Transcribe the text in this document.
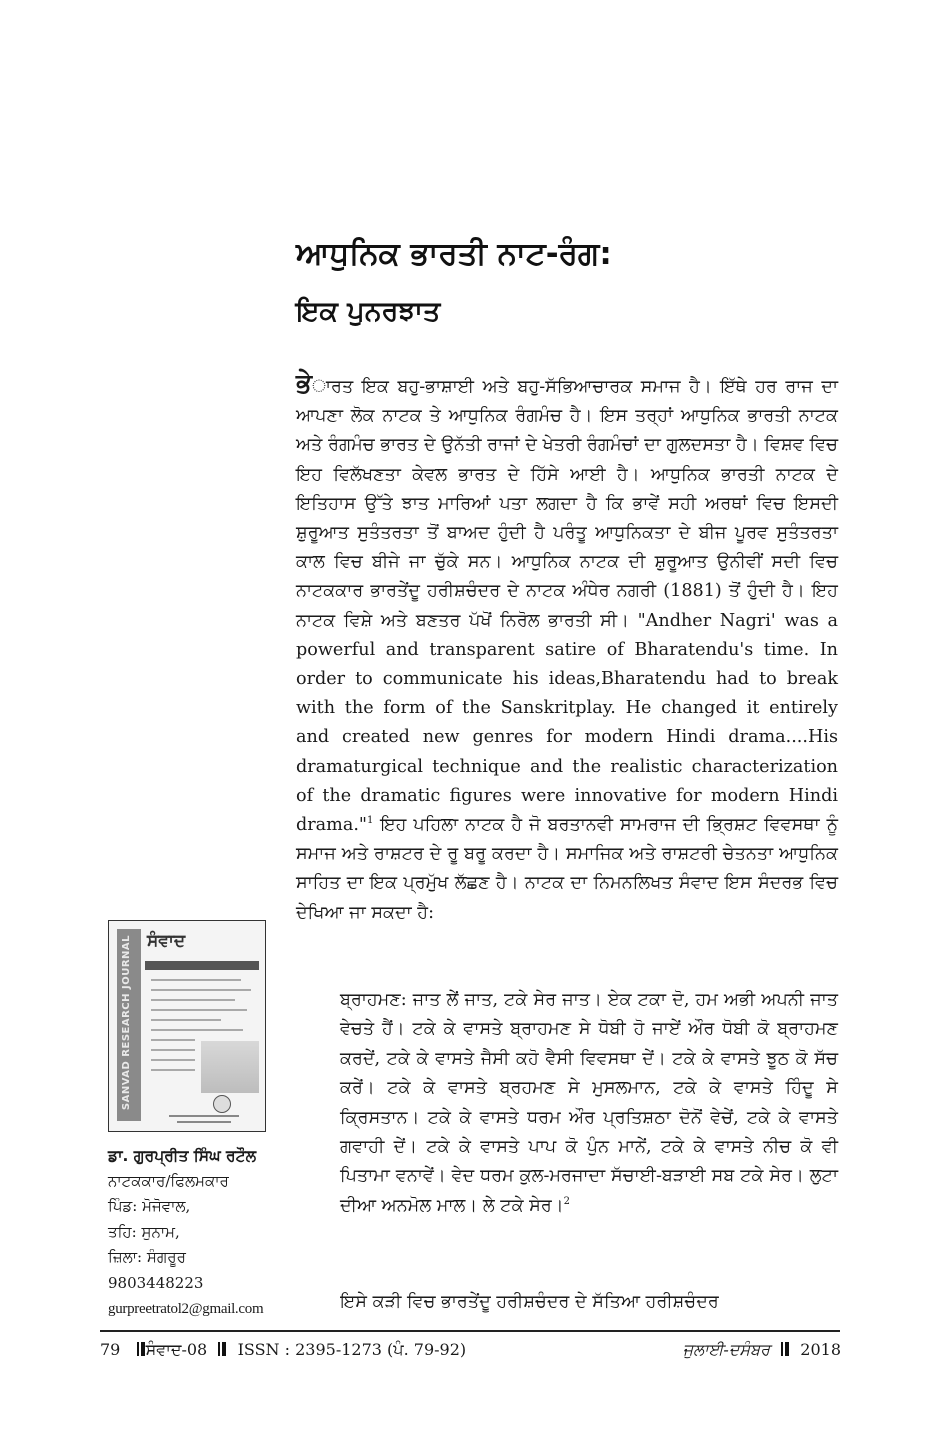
ਆਧੁਨਿਕ ਭਾਰਤੀ ਨਾਟ-ਰੰਗ:
ਇਕ ਪੁਨਰਝਾਤ

ਭੇਾਰਤ ਇਕ ਬਹੁ-ਭਾਸ਼ਾਈ ਅਤੇ ਬਹੁ-ਸੱਭਿਆਚਾਰਕ ਸਮਾਜ ਹੈ। ਇੱਥੇ ਹਰ ਰਾਜ ਦਾ ਆਪਣਾ ਲੋਕ ਨਾਟਕ ਤੇ ਆਧੁਨਿਕ ਰੰਗਮੰਚ ਹੈ। ਇਸ ਤਰ੍ਹਾਂ ਆਧੁਨਿਕ ਭਾਰਤੀ ਨਾਟਕ ਅਤੇ ਰੰਗਮੰਚ ਭਾਰਤ ਦੇ ਉਨੱਤੀ ਰਾਜਾਂ ਦੇ ਖੇਤਰੀ ਰੰਗਮੰਚਾਂ ਦਾ ਗੁਲਦਸਤਾ ਹੈ। ਵਿਸ਼ਵ ਵਿਚ ਇਹ ਵਿਲੱਖਣਤਾ ਕੇਵਲ ਭਾਰਤ ਦੇ ਹਿੱਸੇ ਆਈ ਹੈ। ਆਧੁਨਿਕ ਭਾਰਤੀ ਨਾਟਕ ਦੇ ਇਤਿਹਾਸ ਉੱਤੇ ਝਾਤ ਮਾਰਿਆਂ ਪਤਾ ਲਗਦਾ ਹੈ ਕਿ ਭਾਵੇਂ ਸਹੀ ਅਰਥਾਂ ਵਿਚ ਇਸਦੀ ਸ਼ੁਰੂਆਤ ਸੁਤੰਤਰਤਾ ਤੋਂ ਬਾਅਦ ਹੁੰਦੀ ਹੈ ਪਰੰਤੂ ਆਧੁਨਿਕਤਾ ਦੇ ਬੀਜ ਪੂਰਵ ਸੁਤੰਤਰਤਾ ਕਾਲ ਵਿਚ ਬੀਜੇ ਜਾ ਚੁੱਕੇ ਸਨ। ਆਧੁਨਿਕ ਨਾਟਕ ਦੀ ਸ਼ੁਰੂਆਤ ਉਨੀਵੀਂ ਸਦੀ ਵਿਚ ਨਾਟਕਕਾਰ ਭਾਰਤੇਂਦੂ ਹਰੀਸ਼ਚੰਦਰ ਦੇ ਨਾਟਕ ਅੰਧੇਰ ਨਗਰੀ (1881) ਤੋਂ ਹੁੰਦੀ ਹੈ। ਇਹ ਨਾਟਕ ਵਿਸ਼ੇ ਅਤੇ ਬਣਤਰ ਪੱਖੋਂ ਨਿਰੋਲ ਭਾਰਤੀ ਸੀ। "Andher Nagri' was a powerful and transparent satire of Bharatendu's time. In order to communicate his ideas,Bharatendu had to break with the form of the Sanskritplay. He changed it entirely and created new genres for modern Hindi drama....His dramaturgical technique and the realistic characterization of the dramatic figures were innovative for modern Hindi drama."$^1$ ਇਹ ਪਹਿਲਾ ਨਾਟਕ ਹੈ ਜੋ ਬਰਤਾਨਵੀ ਸਾਮਰਾਜ ਦੀ ਭ੍ਰਿਸ਼ਟ ਵਿਵਸਥਾ ਨੂੰ ਸਮਾਜ ਅਤੇ ਰਾਸ਼ਟਰ ਦੇ ਰੂ ਬਰੂ ਕਰਦਾ ਹੈ। ਸਮਾਜਿਕ ਅਤੇ ਰਾਸ਼ਟਰੀ ਚੇਤਨਤਾ ਆਧੁਨਿਕ ਸਾਹਿਤ ਦਾ ਇਕ ਪ੍ਰਮੁੱਖ ਲੱਛਣ ਹੈ। ਨਾਟਕ ਦਾ ਨਿਮਨਲਿਖਤ ਸੰਵਾਦ ਇਸ ਸੰਦਰਭ ਵਿਚ ਦੇਖਿਆ ਜਾ ਸਕਦਾ ਹੈ:

ਬ੍ਰਾਹਮਣ: ਜਾਤ ਲੇਂ ਜਾਤ, ਟਕੇ ਸੇਰ ਜਾਤ। ਏਕ ਟਕਾ ਦੋ, ਹਮ ਅਭੀ ਅਪਨੀ ਜਾਤ ਵੇਚਤੇ ਹੈਂ। ਟਕੇ ਕੇ ਵਾਸਤੇ ਬ੍ਰਾਹਮਣ ਸੇ ਧੋਬੀ ਹੋ ਜਾਏਂ ਔਰ ਧੋਬੀ ਕੋ ਬ੍ਰਾਹਮਣ ਕਰਦੇਂ, ਟਕੇ ਕੇ ਵਾਸਤੇ ਜੈਸੀ ਕਹੋ ਵੈਸੀ ਵਿਵਸਥਾ ਦੇਂ। ਟਕੇ ਕੇ ਵਾਸਤੇ ਝੂਠ ਕੋ ਸੱਚ ਕਰੇਂ। ਟਕੇ ਕੇ ਵਾਸਤੇ ਬ੍ਰਹਮਣ ਸੇ ਮੁਸਲਮਾਨ, ਟਕੇ ਕੇ ਵਾਸਤੇ ਹਿੰਦੂ ਸੇ ਕ੍ਰਿਸਤਾਨ। ਟਕੇ ਕੇ ਵਾਸਤੇ ਧਰਮ ਔਰ ਪ੍ਰਤਿਸ਼ਠਾ ਦੋਨੋਂ ਵੇਚੇਂ, ਟਕੇ ਕੇ ਵਾਸਤੇ ਗਵਾਹੀ ਦੇਂ। ਟਕੇ ਕੇ ਵਾਸਤੇ ਪਾਪ ਕੋ ਪੁੰਨ ਮਾਨੇਂ, ਟਕੇ ਕੇ ਵਾਸਤੇ ਨੀਚ ਕੋ ਵੀ ਪਿਤਾਮਾ ਵਨਾਵੇਂ। ਵੇਦ ਧਰਮ ਕੁਲ-ਮਰਜਾਦਾ ਸੱਚਾਈ-ਬੜਾਈ ਸਬ ਟਕੇ ਸੇਰ। ਲੁਟਾ ਦੀਆ ਅਨਮੋਲ ਮਾਲ। ਲੇ ਟਕੇ ਸੇਰ।$^2$

ਇਸੇ ਕੜੀ ਵਿਚ ਭਾਰਤੇਂਦੂ ਹਰੀਸ਼ਚੰਦਰ ਦੇ ਸੱਤਿਆ ਹਰੀਸ਼ਚੰਦਰ

SANVAD RESEARCH JOURNAL ਸੰਵਾਦ
ਡਾ. ਗੁਰਪ੍ਰੀਤ ਸਿੰਘ ਰਟੌਲ
ਨਾਟਕਕਾਰ/ਫਿਲਮਕਾਰ
ਪਿੰਡ: ਮੋਜੋਵਾਲ,
ਤਹਿ: ਸੁਨਾਮ,
ਜ਼ਿਲਾ: ਸੰਗਰੂਰ
9803448223
gurpreetratol2@gmail.com
79 ਸੰਵਾਦ-08 ISSN : 2395-1273 (ਪੰ. 79-92)	ਜੁਲਾਈ-ਦਸੰਬਰ 2018
